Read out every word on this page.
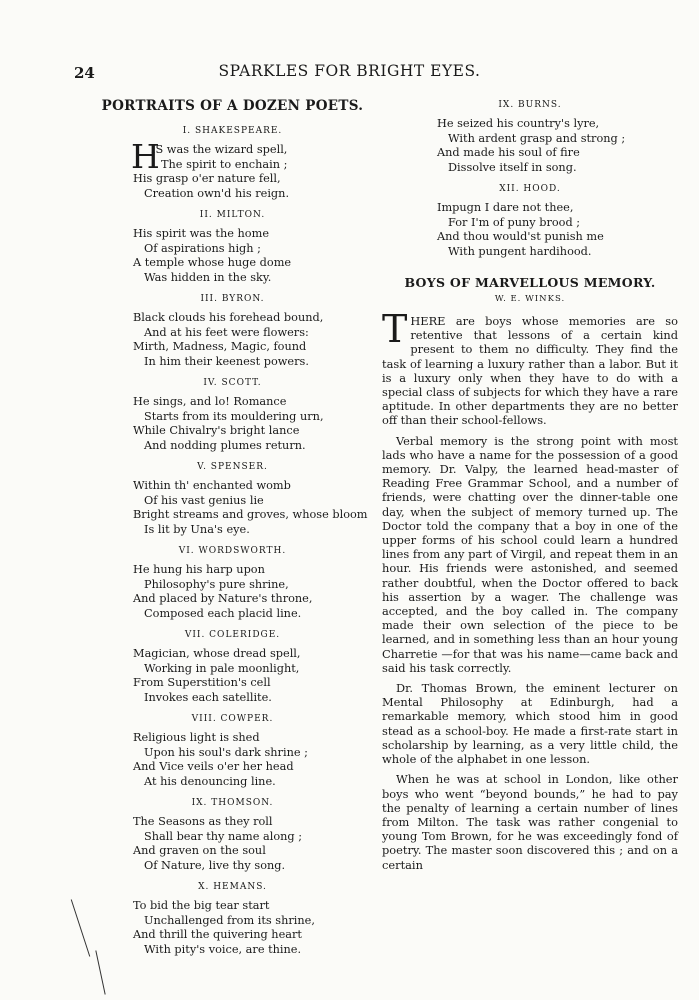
24	SPARKLES FOR BRIGHT EYES.
PORTRAITS OF A DOZEN POETS.
I. SHAKESPEARE.
H
IS was the wizard spell,
The spirit to enchain ;
His grasp o'er nature fell,
Creation own'd his reign.
II. MILTON.
His spirit was the home
Of aspirations high ;
A temple whose huge dome
Was hidden in the sky.
III. BYRON.
Black clouds his forehead bound,
And at his feet were flowers:
Mirth, Madness, Magic, found
In him their keenest powers.
IV. SCOTT.
He sings, and lo! Romance
Starts from its mouldering urn,
While Chivalry's bright lance
And nodding plumes return.
V. SPENSER.
Within th' enchanted womb
Of his vast genius lie
Bright streams and groves, whose bloom
Is lit by Una's eye.
VI. WORDSWORTH.
He hung his harp upon
Philosophy's pure shrine,
And placed by Nature's throne,
Composed each placid line.
VII. COLERIDGE.
Magician, whose dread spell,
Working in pale moonlight,
From Superstition's cell
Invokes each satellite.
VIII. COWPER.
Religious light is shed
Upon his soul's dark shrine ;
And Vice veils o'er her head
At his denouncing line.
IX. THOMSON.
The Seasons as they roll
Shall bear thy name along ;
And graven on the soul
Of Nature, live thy song.
X. HEMANS.
To bid the big tear start
Unchallenged from its shrine,
And thrill the quivering heart
With pity's voice, are thine.
IX. BURNS.
He seized his country's lyre,
With ardent grasp and strong ;
And made his soul of fire
Dissolve itself in song.
XII. HOOD.
Impugn I dare not thee,
For I'm of puny brood ;
And thou would'st punish me
With pungent hardihood.
BOYS OF MARVELLOUS MEMORY.
W. E. WINKS.

THERE are boys whose memories are so retentive that lessons of a certain kind present to them no difficulty. They find the task of learning a luxury rather than a labor. But it is a luxury only when they have to do with a special class of subjects for which they have a rare aptitude. In other departments they are no better off than their school-fellows.

Verbal memory is the strong point with most lads who have a name for the possession of a good memory. Dr. Valpy, the learned head-master of Reading Free Grammar School, and a number of friends, were chatting over the dinner-table one day, when the subject of memory turned up. The Doctor told the company that a boy in one of the upper forms of his school could learn a hundred lines from any part of Virgil, and repeat them in an hour. His friends were astonished, and seemed rather doubtful, when the Doctor offered to back his assertion by a wager. The challenge was accepted, and the boy called in. The company made their own selection of the piece to be learned, and in something less than an hour young Charretie —for that was his name—came back and said his task correctly.

Dr. Thomas Brown, the eminent lecturer on Mental Philosophy at Edinburgh, had a remarkable memory, which stood him in good stead as a school-boy. He made a first-rate start in scholarship by learning, as a very little child, the whole of the alphabet in one lesson.

When he was at school in London, like other boys who went “beyond bounds,” he had to pay the penalty of learning a certain number of lines from Milton. The task was rather congenial to young Tom Brown, for he was exceedingly fond of poetry. The master soon discovered this ; and on a certain
